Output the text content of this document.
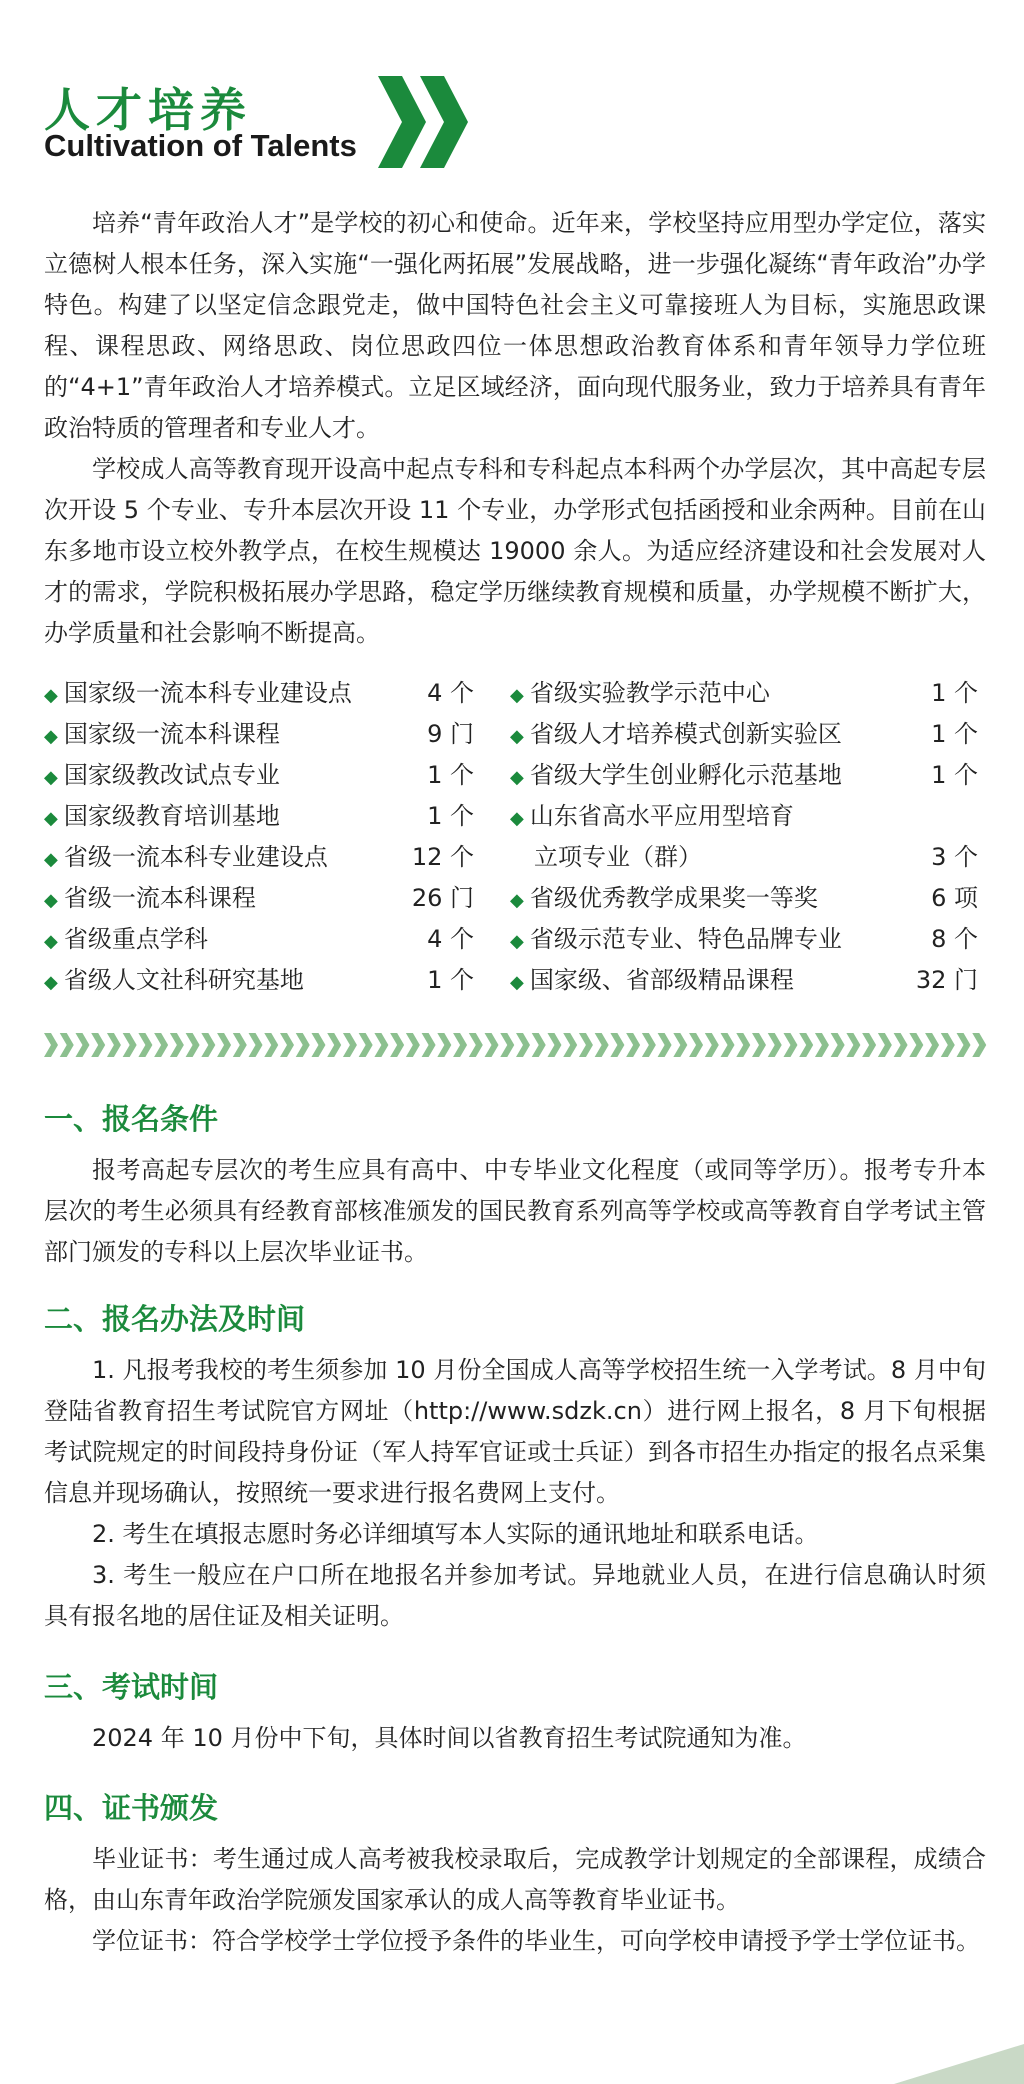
人才培养
Cultivation of Talents

培养“青年政治人才”是学校的初心和使命。近年来，学校坚持应用型办学定位，落实立德树人根本任务，深入实施“一强化两拓展”发展战略，进一步强化凝练“青年政治”办学特色。构建了以坚定信念跟党走，做中国特色社会主义可靠接班人为目标，实施思政课程、课程思政、网络思政、岗位思政四位一体思想政治教育体系和青年领导力学位班的“4+1”青年政治人才培养模式。立足区域经济，面向现代服务业，致力于培养具有青年政治特质的管理者和专业人才。

学校成人高等教育现开设高中起点专科和专科起点本科两个办学层次，其中高起专层次开设 5 个专业、专升本层次开设 11 个专业，办学形式包括函授和业余两种。目前在山东多地市设立校外教学点，在校生规模达 19000 余人。为适应经济建设和社会发展对人才的需求，学院积极拓展办学思路，稳定学历继续教育规模和质量，办学规模不断扩大，办学质量和社会影响不断提高。

◆ 国家级一流本科专业建设点	4 个
◆ 国家级一流本科课程	9 门
◆ 国家级教改试点专业	1 个
◆ 国家级教育培训基地	1 个
◆ 省级一流本科专业建设点	12 个
◆ 省级一流本科课程	26 门
◆ 省级重点学科	4 个
◆ 省级人文社科研究基地	1 个
◆ 省级实验教学示范中心	1 个
◆ 省级人才培养模式创新实验区	1 个
◆ 省级大学生创业孵化示范基地	1 个
◆ 山东省高水平应用型培育
立项专业（群）	3 个
◆ 省级优秀教学成果奖一等奖	6 项
◆ 省级示范专业、特色品牌专业	8 个
◆ 国家级、省部级精品课程	32 门
一、报名条件

报考高起专层次的考生应具有高中、中专毕业文化程度（或同等学历）。报考专升本层次的考生必须具有经教育部核准颁发的国民教育系列高等学校或高等教育自学考试主管部门颁发的专科以上层次毕业证书。

二、报名办法及时间

1. 凡报考我校的考生须参加 10 月份全国成人高等学校招生统一入学考试。8 月中旬登陆省教育招生考试院官方网址（http://www.sdzk.cn）进行网上报名，8 月下旬根据考试院规定的时间段持身份证（军人持军官证或士兵证）到各市招生办指定的报名点采集信息并现场确认，按照统一要求进行报名费网上支付。

2. 考生在填报志愿时务必详细填写本人实际的通讯地址和联系电话。

3. 考生一般应在户口所在地报名并参加考试。异地就业人员，在进行信息确认时须具有报名地的居住证及相关证明。

三、考试时间

2024 年 10 月份中下旬，具体时间以省教育招生考试院通知为准。

四、证书颁发

毕业证书：考生通过成人高考被我校录取后，完成教学计划规定的全部课程，成绩合格，由山东青年政治学院颁发国家承认的成人高等教育毕业证书。

学位证书：符合学校学士学位授予条件的毕业生，可向学校申请授予学士学位证书。
